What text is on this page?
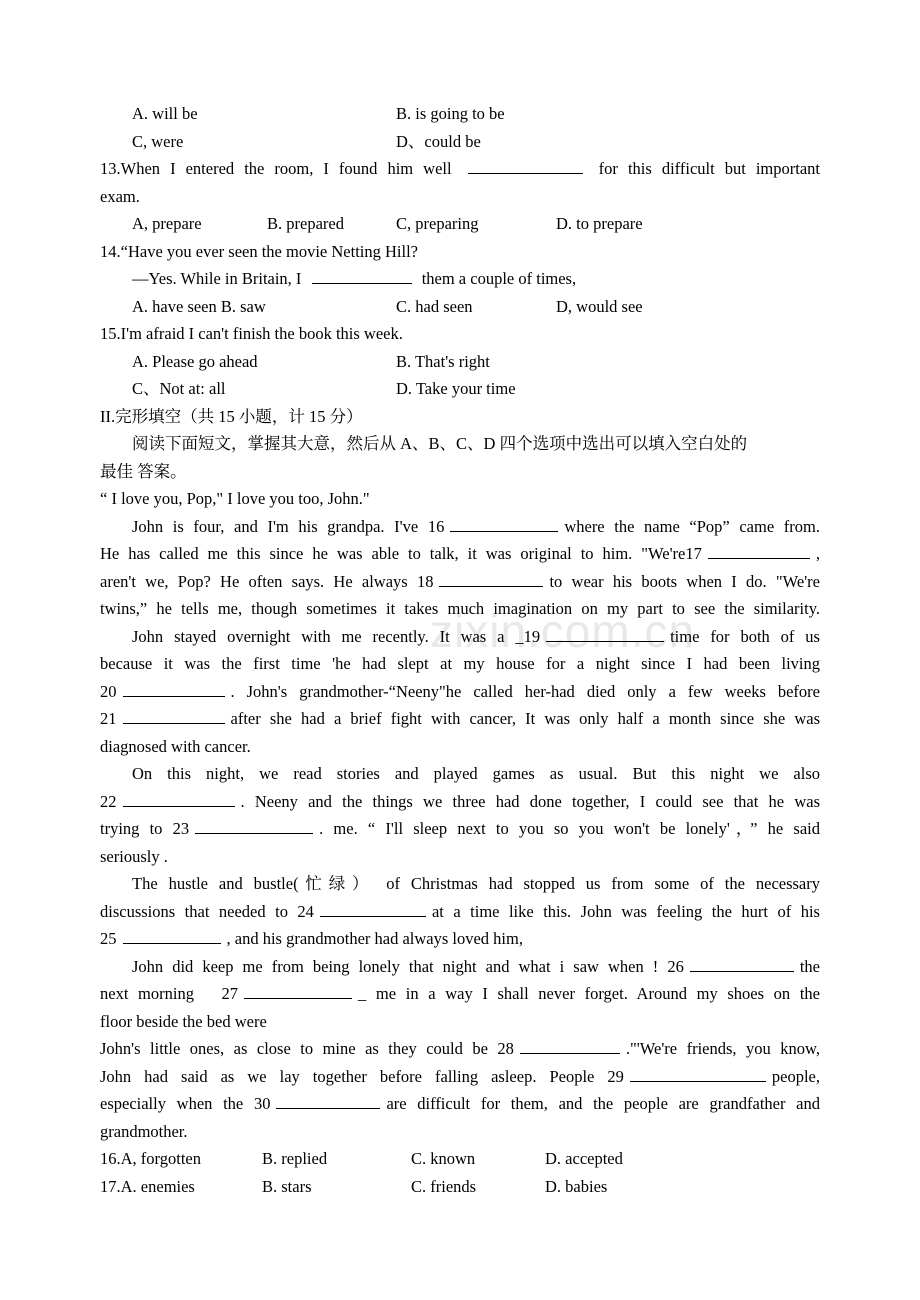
zixin.com.cn
A. will be	B. is going to be
C, were	D、could be
13.When I entered the room, I found him well	for this difficult but important
exam.
A, prepare	B. prepared	C, preparing	D. to prepare
14.“Have you ever seen the movie Netting Hill?
—Yes. While in Britain, I	them a couple of times,
A. have seen B. saw	C. had seen	D, would see
15.I'm afraid I can't finish the book this week.
A. Please go ahead	B. That's right
C、Not at: all	D. Take your time
II.完形填空（共 15 小题，计 15 分）
阅读下面短文，掌握其大意，然后从 A、B、C、D 四个选项中选出可以填入空白处的
最佳 答案。
“ I love you, Pop," I love you too, John."
John is four, and I'm his grandpa. I've 16	where the name “Pop” came from.
He has called me this since he was able to talk, it was original to him. "We're17	,
aren't we, Pop? He often says. He always 18	to wear his boots when I do. "We're
twins,” he tells me, though sometimes it takes much imagination on my part to see the similarity.
John stayed overnight with me recently. It was a _19	time for both of us
because it was the first time 'he had slept at my house for a night since I had been living
20	. John's grandmother-“Neeny"he called her-had died only a few weeks before
21	after she had a brief fight with cancer, It was only half a month since she was
diagnosed with cancer.
On this night, we read stories and played games as usual. But this night we also
22	. Neeny and the things we three had done together, I could see that he was
trying to 23	. me. “ I'll sleep next to you so you won't be lonely'，” he said
seriously .
The hustle and bustle(忙绿） of Christmas had stopped us from some of the necessary
discussions that needed to 24	at a time like this. John was feeling the hurt of his
25	, and his grandmother had always loved him,
John did keep me from being lonely that night and what i saw when ! 26	the
next morning　27	_ me in a way I shall never forget. Around my shoes on the
floor beside the bed were
John's little ones, as close to mine as they could be 28	."'We're friends, you know,
John had said as we lay together before falling asleep. People 29	people,
especially when the 30	are difficult for them, and the people are grandfather and
grandmother.
16.A, forgotten	B. replied	C. known	D. accepted
17.A. enemies	B. stars	C. friends	D. babies
